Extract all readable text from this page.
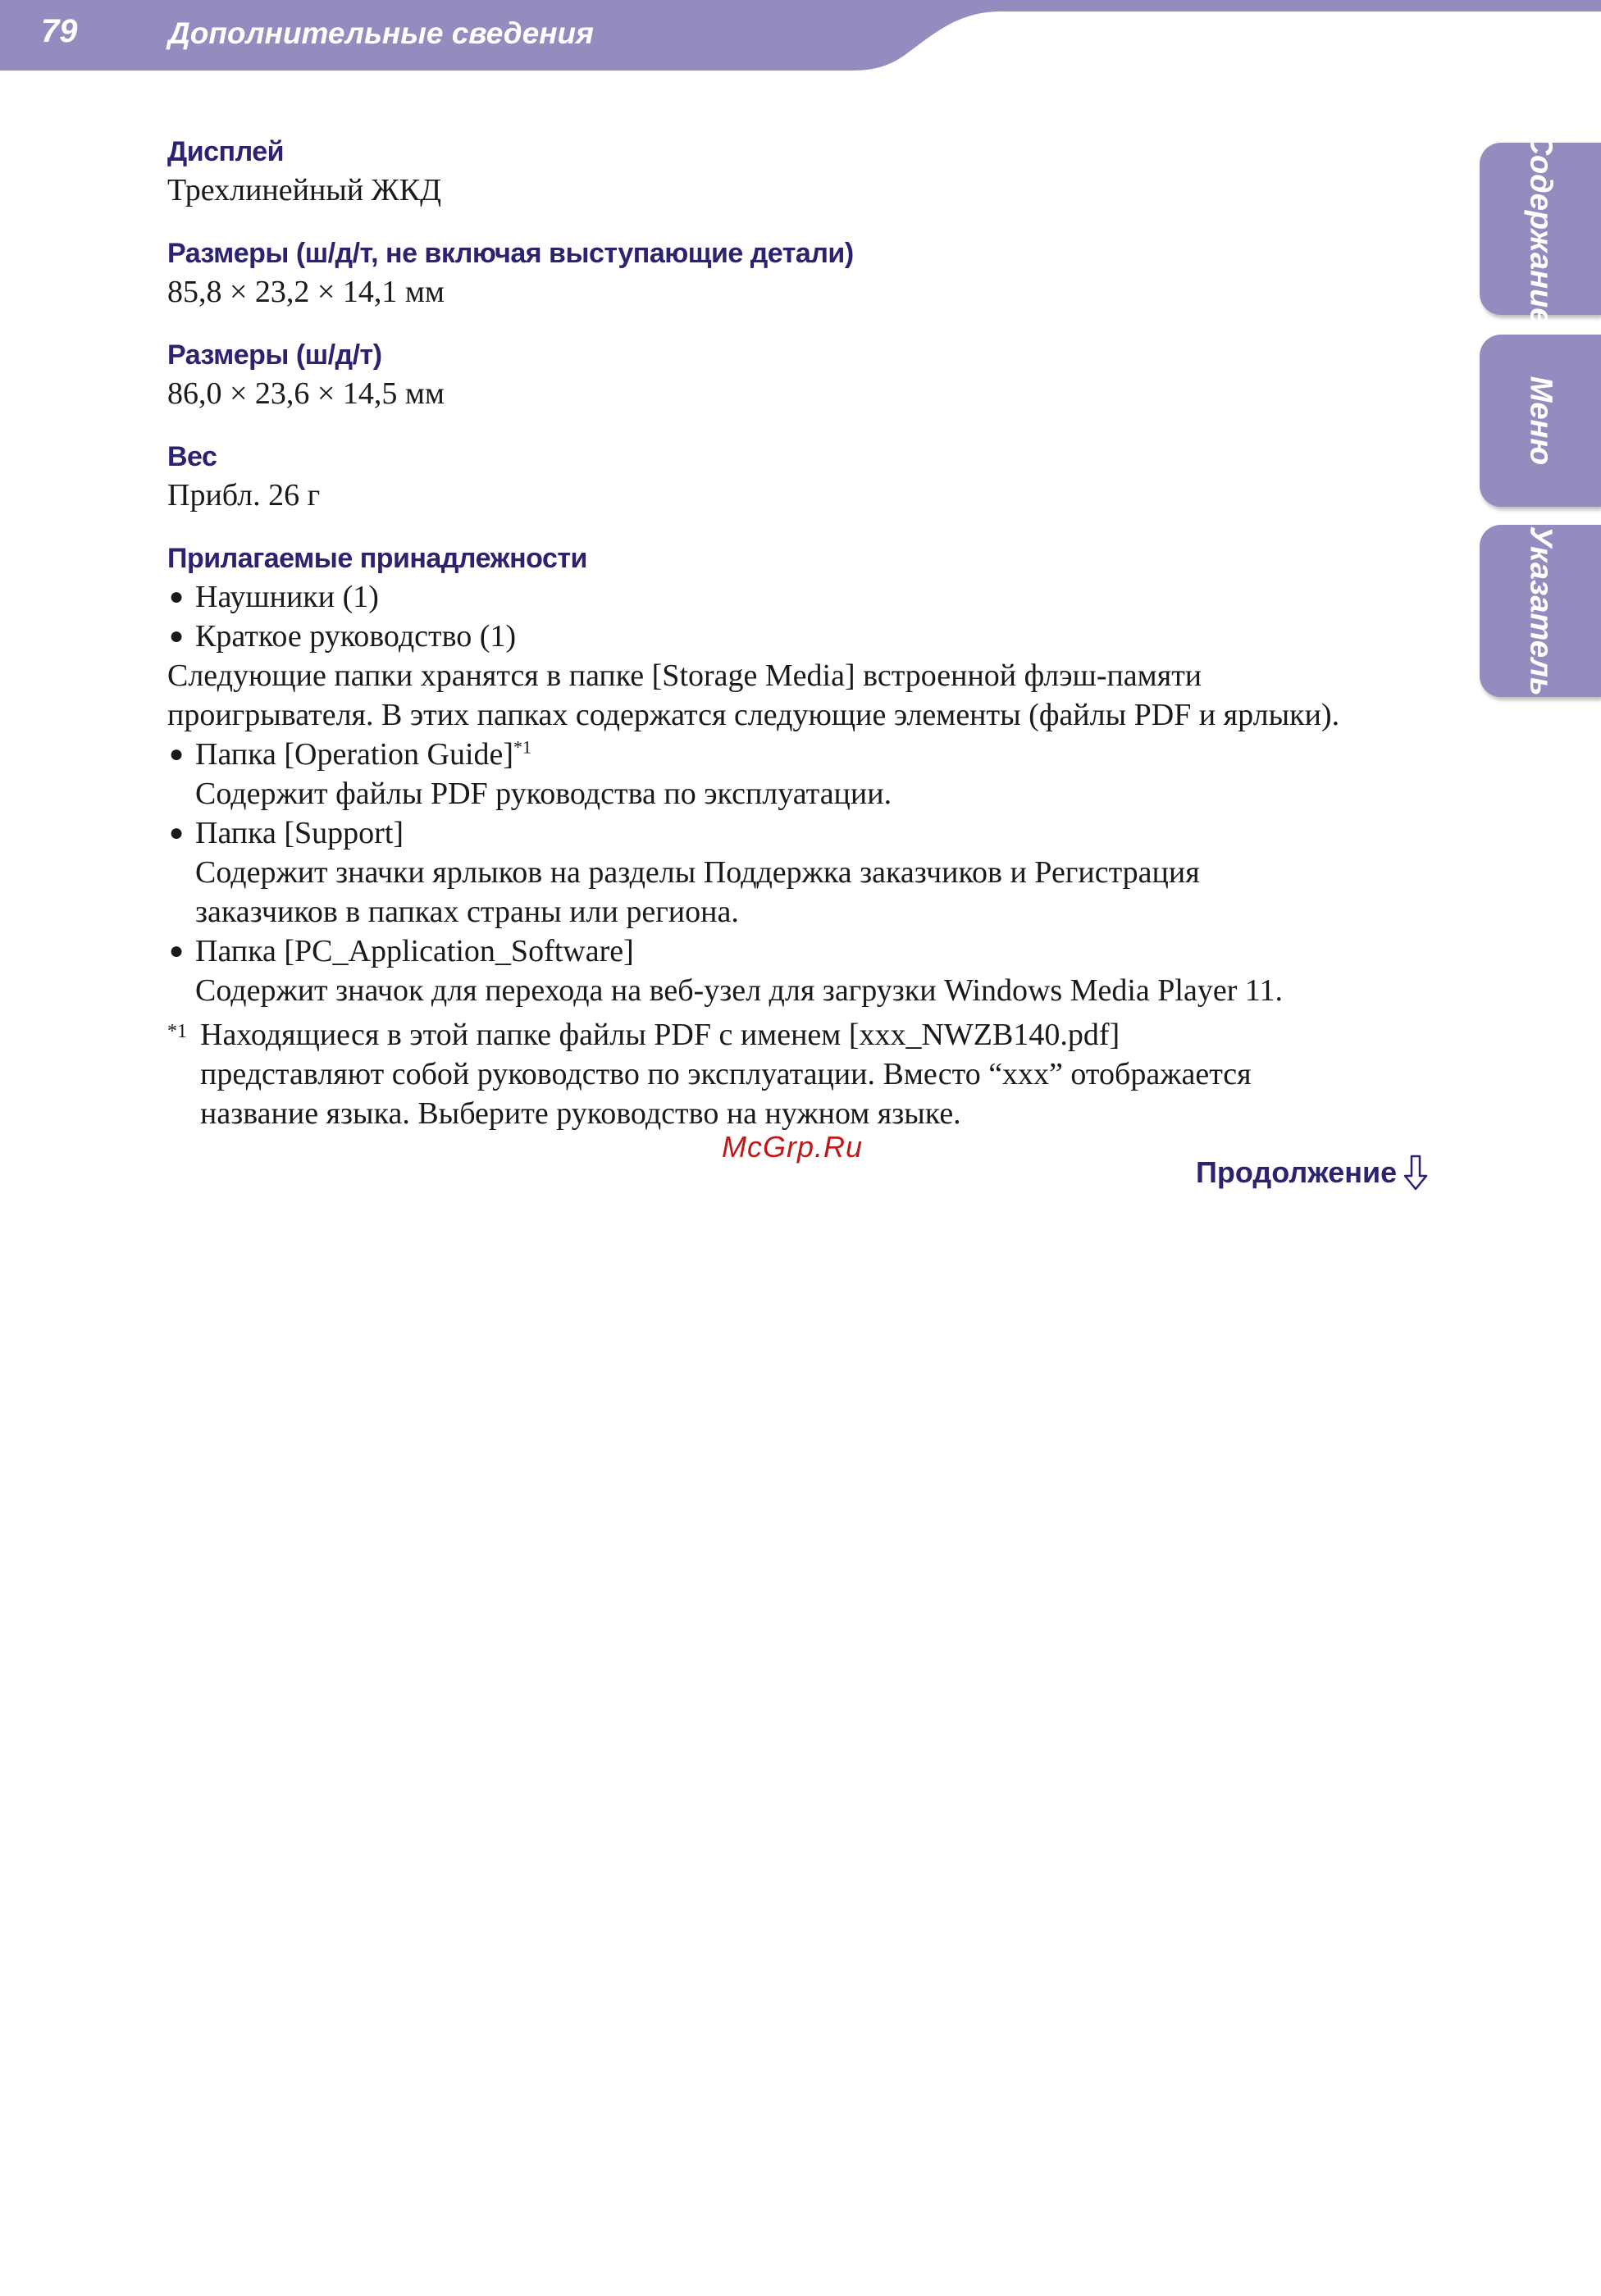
79	Дополнительные сведения
Содержание
Меню
Указатель
Дисплей
Трехлинейный ЖКД
Размеры (ш/д/т, не включая выступающие детали)
85,8 × 23,2 × 14,1 мм
Размеры (ш/д/т)
86,0 × 23,6 × 14,5 мм
Вес
Прибл. 26 г
Прилагаемые принадлежности
● Наушники (1)
● Краткое руководство (1)
Следующие папки хранятся в папке [Storage Media] встроенной флэш-памяти
проигрывателя. В этих папках содержатся следующие элементы (файлы PDF и ярлыки).
● Папка [Operation Guide]$^{*1}$
Содержит файлы PDF руководства по эксплуатации.
● Папка [Support]
Содержит значки ярлыков на разделы Поддержка заказчиков и Регистрация
заказчиков в папках страны или региона.
● Папка [PC_Application_Software]
Содержит значок для перехода на веб-узел для загрузки Windows Media Player 11.
*1 Находящиеся в этой папке файлы PDF с именем [xxx_NWZB140.pdf]
представляют собой руководство по эксплуатации. Вместо “xxx” отображается
название языка. Выберите руководство на нужном языке.
McGrp.Ru
Продолжение
